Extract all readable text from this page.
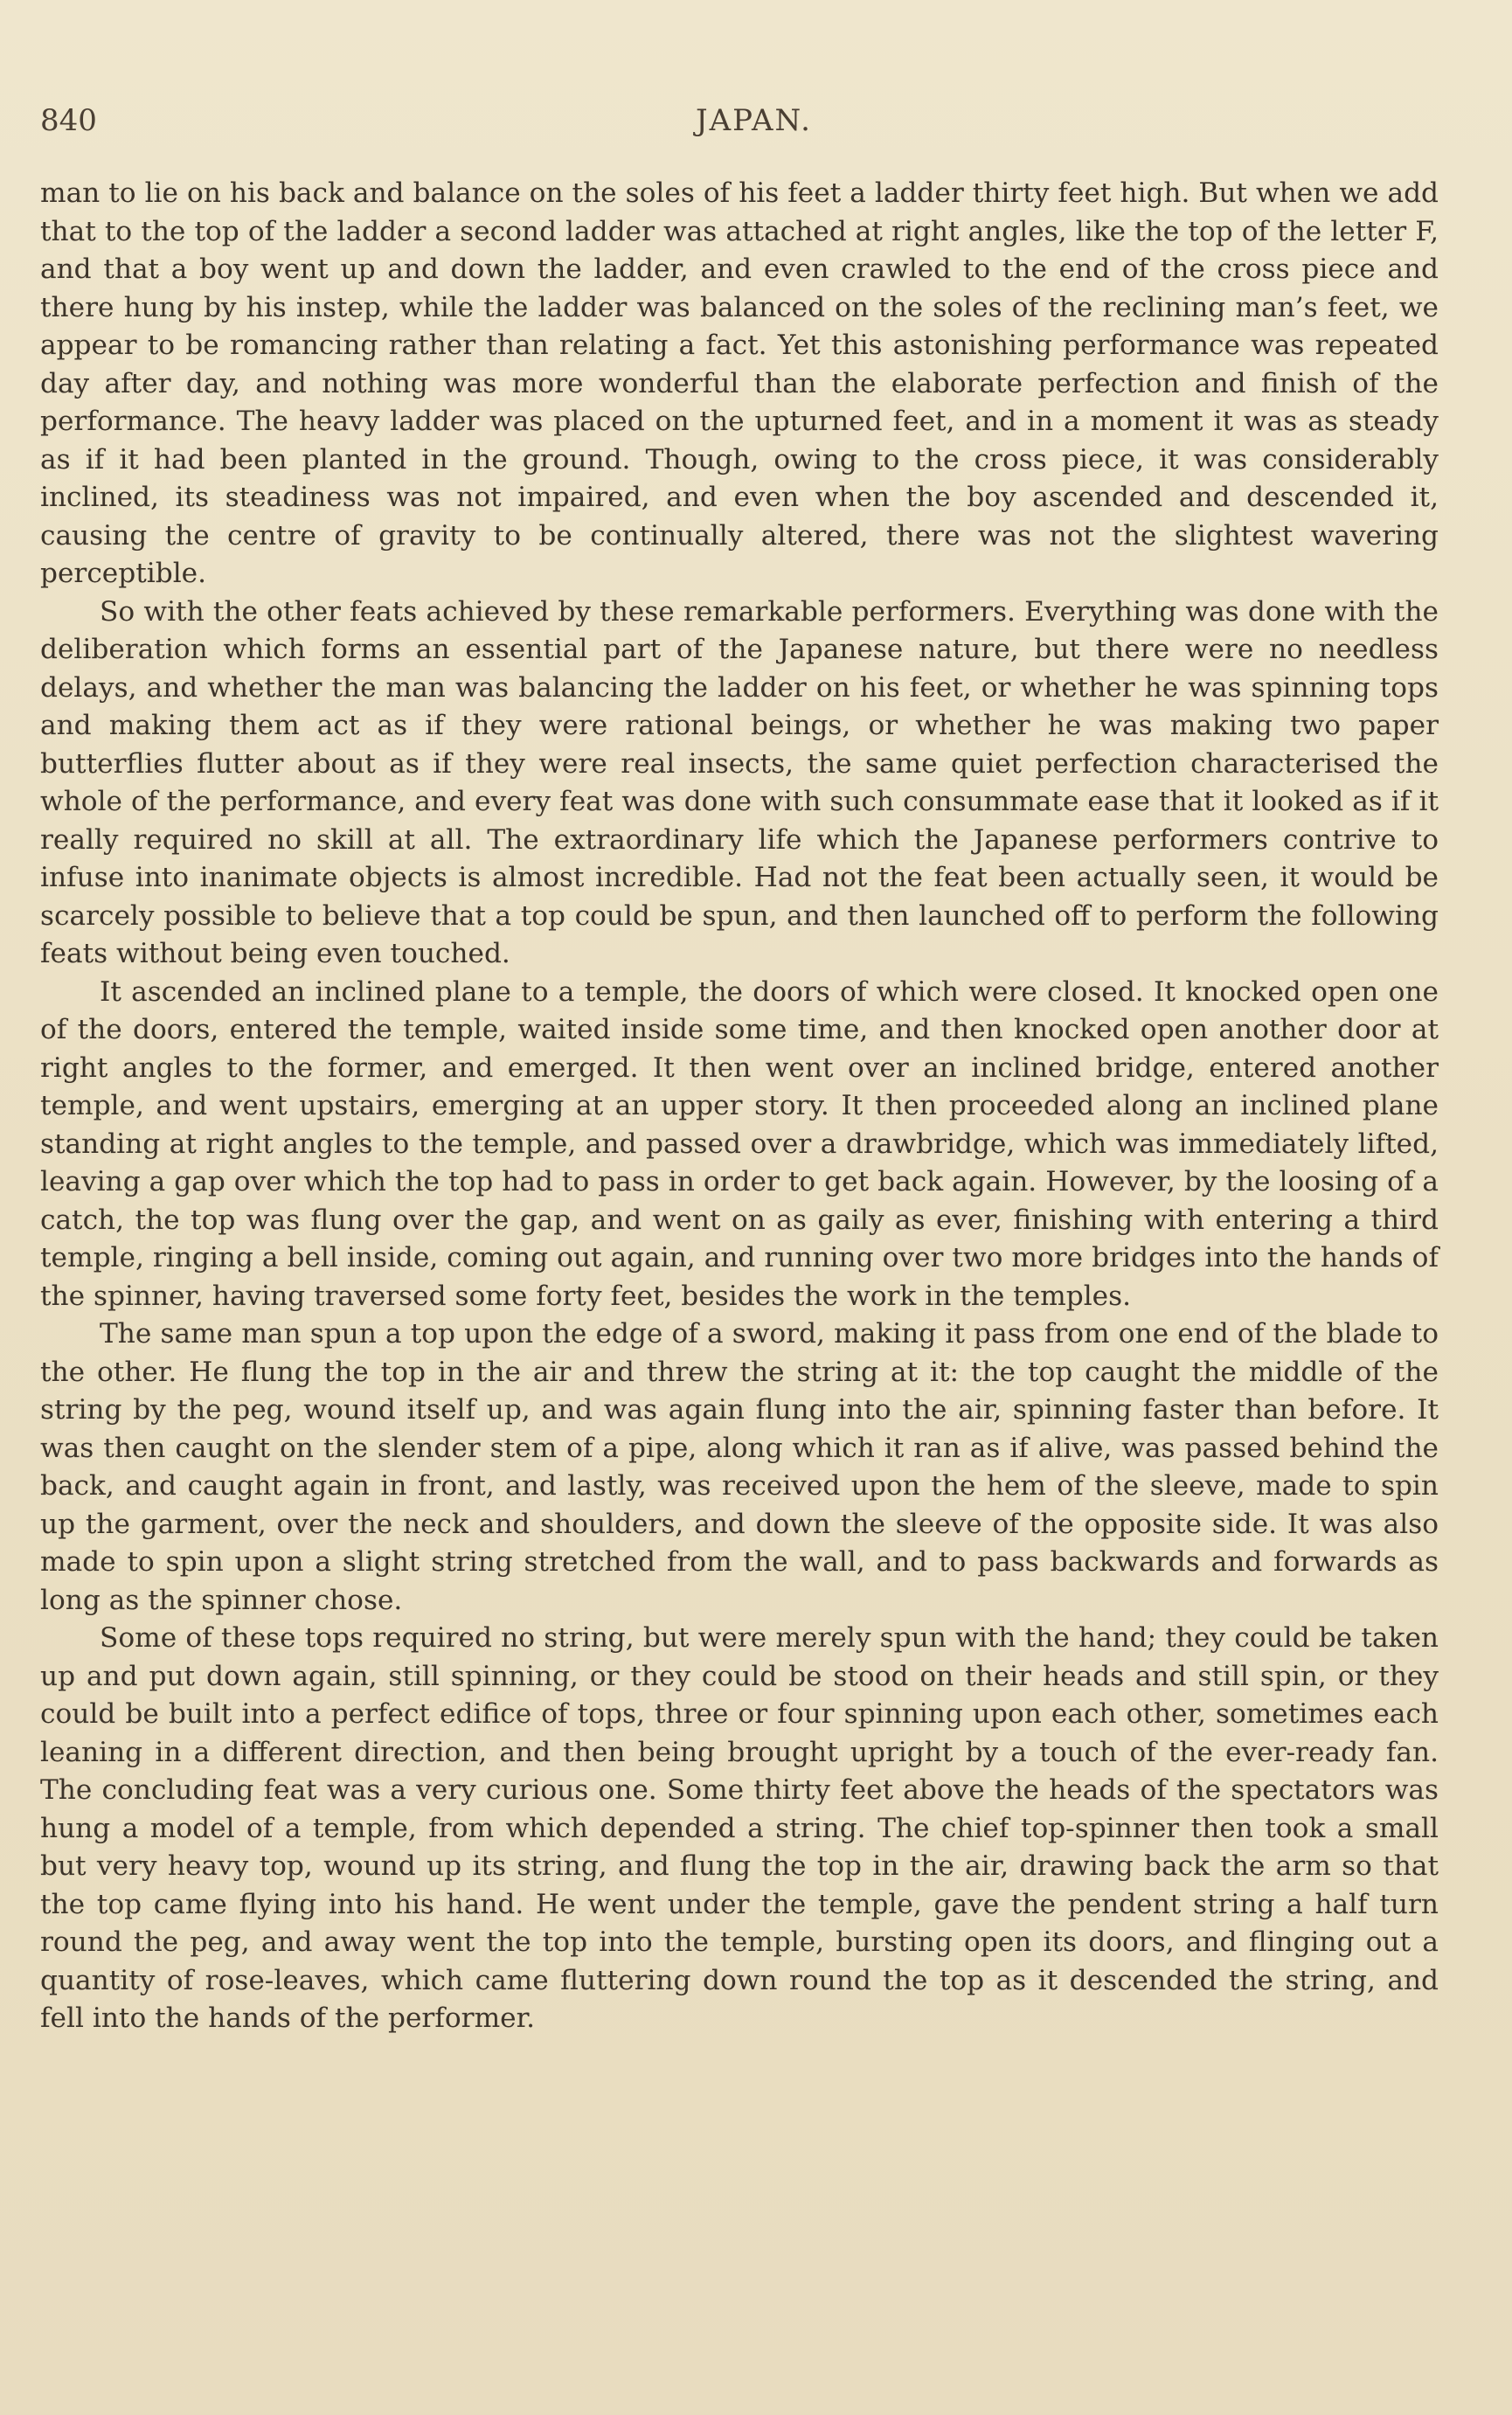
840	JAPAN.

man to lie on his back and balance on the soles of his feet a ladder thirty feet high. But when we add that to the top of the ladder a second ladder was attached at right angles, like the top of the letter F, and that a boy went up and down the ladder, and even crawled to the end of the cross piece and there hung by his instep, while the ladder was balanced on the soles of the reclining man’s feet, we appear to be romancing rather than relating a fact. Yet this astonishing performance was repeated day after day, and nothing was more wonderful than the elaborate perfection and finish of the performance. The heavy ladder was placed on the upturned feet, and in a moment it was as steady as if it had been planted in the ground. Though, owing to the cross piece, it was considerably inclined, its steadiness was not impaired, and even when the boy ascended and descended it, causing the centre of gravity to be continually altered, there was not the slightest wavering perceptible.

So with the other feats achieved by these remarkable performers. Everything was done with the deliberation which forms an essential part of the Japanese nature, but there were no needless delays, and whether the man was balancing the ladder on his feet, or whether he was spinning tops and making them act as if they were rational beings, or whether he was making two paper butterflies flutter about as if they were real insects, the same quiet perfection characterised the whole of the performance, and every feat was done with such consummate ease that it looked as if it really required no skill at all. The extraordinary life which the Japanese performers contrive to infuse into inanimate objects is almost incredible. Had not the feat been actually seen, it would be scarcely possible to believe that a top could be spun, and then launched off to perform the following feats without being even touched.

It ascended an inclined plane to a temple, the doors of which were closed. It knocked open one of the doors, entered the temple, waited inside some time, and then knocked open another door at right angles to the former, and emerged. It then went over an inclined bridge, entered another temple, and went upstairs, emerging at an upper story. It then proceeded along an inclined plane standing at right angles to the temple, and passed over a drawbridge, which was immediately lifted, leaving a gap over which the top had to pass in order to get back again. However, by the loosing of a catch, the top was flung over the gap, and went on as gaily as ever, finishing with entering a third temple, ringing a bell inside, coming out again, and running over two more bridges into the hands of the spinner, having traversed some forty feet, besides the work in the temples.

The same man spun a top upon the edge of a sword, making it pass from one end of the blade to the other. He flung the top in the air and threw the string at it: the top caught the middle of the string by the peg, wound itself up, and was again flung into the air, spinning faster than before. It was then caught on the slender stem of a pipe, along which it ran as if alive, was passed behind the back, and caught again in front, and lastly, was received upon the hem of the sleeve, made to spin up the garment, over the neck and shoulders, and down the sleeve of the opposite side. It was also made to spin upon a slight string stretched from the wall, and to pass backwards and forwards as long as the spinner chose.

Some of these tops required no string, but were merely spun with the hand; they could be taken up and put down again, still spinning, or they could be stood on their heads and still spin, or they could be built into a perfect edifice of tops, three or four spinning upon each other, sometimes each leaning in a different direction, and then being brought upright by a touch of the ever-ready fan. The concluding feat was a very curious one. Some thirty feet above the heads of the spectators was hung a model of a temple, from which depended a string. The chief top-spinner then took a small but very heavy top, wound up its string, and flung the top in the air, drawing back the arm so that the top came flying into his hand. He went under the temple, gave the pendent string a half turn round the peg, and away went the top into the temple, bursting open its doors, and flinging out a quantity of rose-leaves, which came fluttering down round the top as it descended the string, and fell into the hands of the performer.
